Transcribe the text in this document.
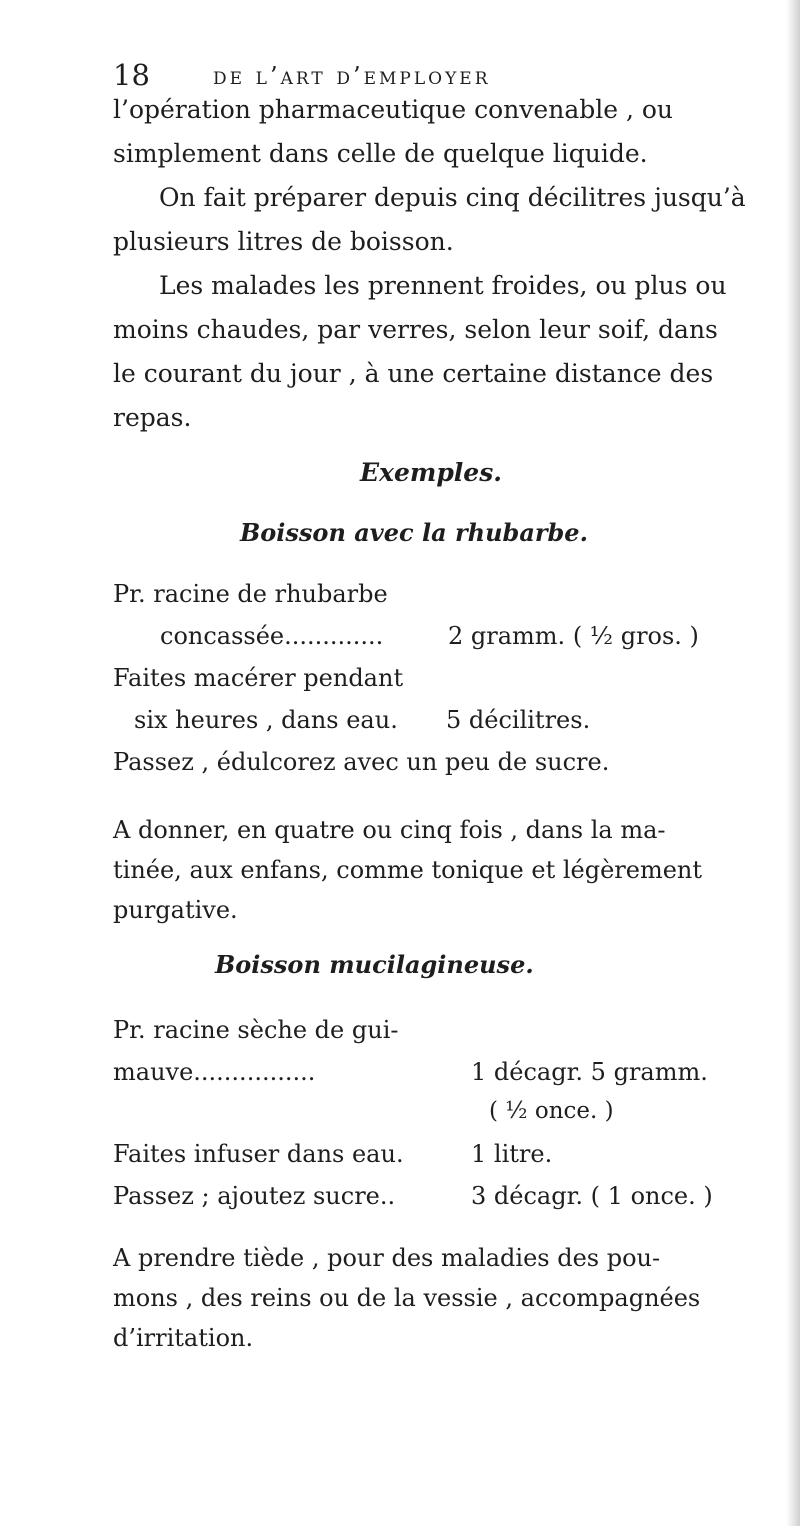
18	de l’art d’employer

l’opération pharmaceutique convenable , ou
simplement dans celle de quelque liquide.

On fait préparer depuis cinq décilitres jusqu’à
plusieurs litres de boisson.

Les malades les prennent froides, ou plus ou
moins chaudes, par verres, selon leur soif, dans
le courant du jour , à une certaine distance des
repas.

Exemples.
Boisson avec la rhubarbe.
Pr. racine de rhubarbe
concassée.............	2 gramm. ( ½ gros. )
Faites macérer pendant
six heures , dans eau. 5 décilitres.
Passez , édulcorez avec un peu de sucre.

A donner, en quatre ou cinq fois , dans la ma-
tinée, aux enfans, comme tonique et légèrement
purgative.

Boisson mucilagineuse.
Pr. racine sèche de gui-
mauve................	1 décagr. 5 gramm.
( ½ once. )
Faites infuser dans eau.	1 litre.
Passez ; ajoutez sucre..	3 décagr. ( 1 once. )

A prendre tiède , pour des maladies des pou-
mons , des reins ou de la vessie , accompagnées
d’irritation.
